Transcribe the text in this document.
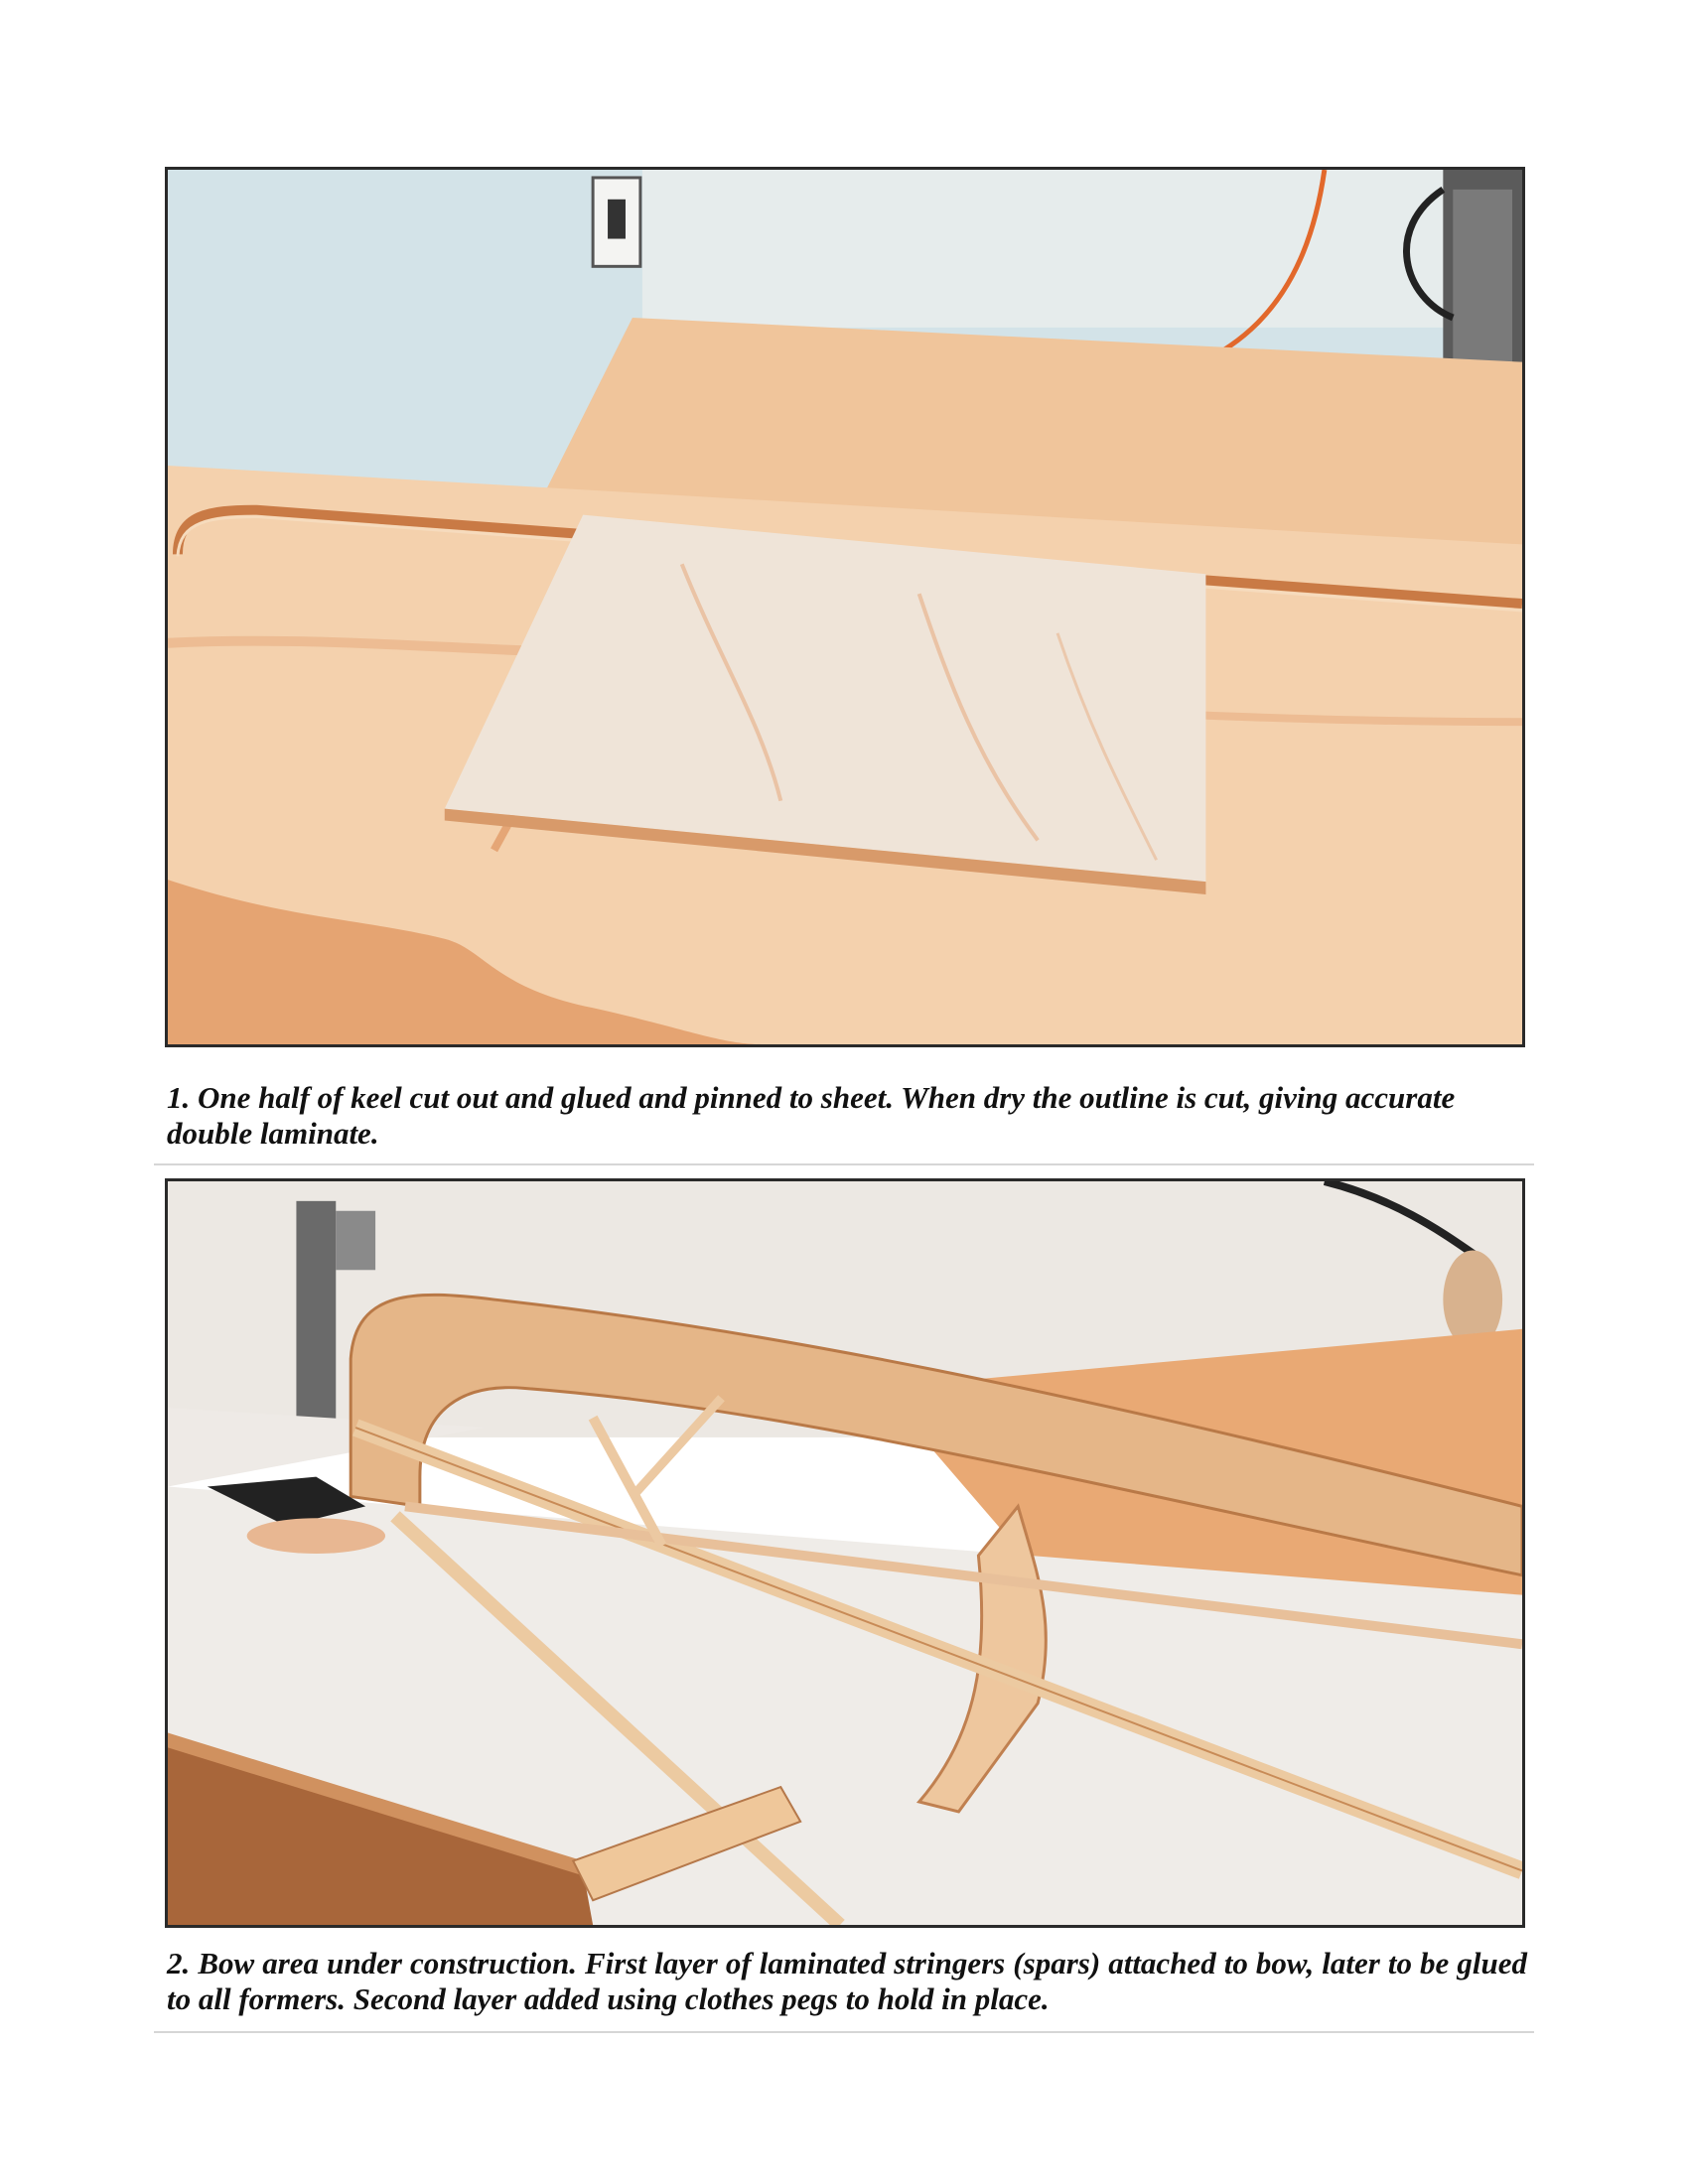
1. One half of keel cut out and glued and pinned to sheet. When dry the outline is cut, giving accurate double laminate.
2. Bow area under construction. First layer of laminated stringers (spars) attached to bow, later to be glued to all formers. Second layer added using clothes pegs to hold in place.
